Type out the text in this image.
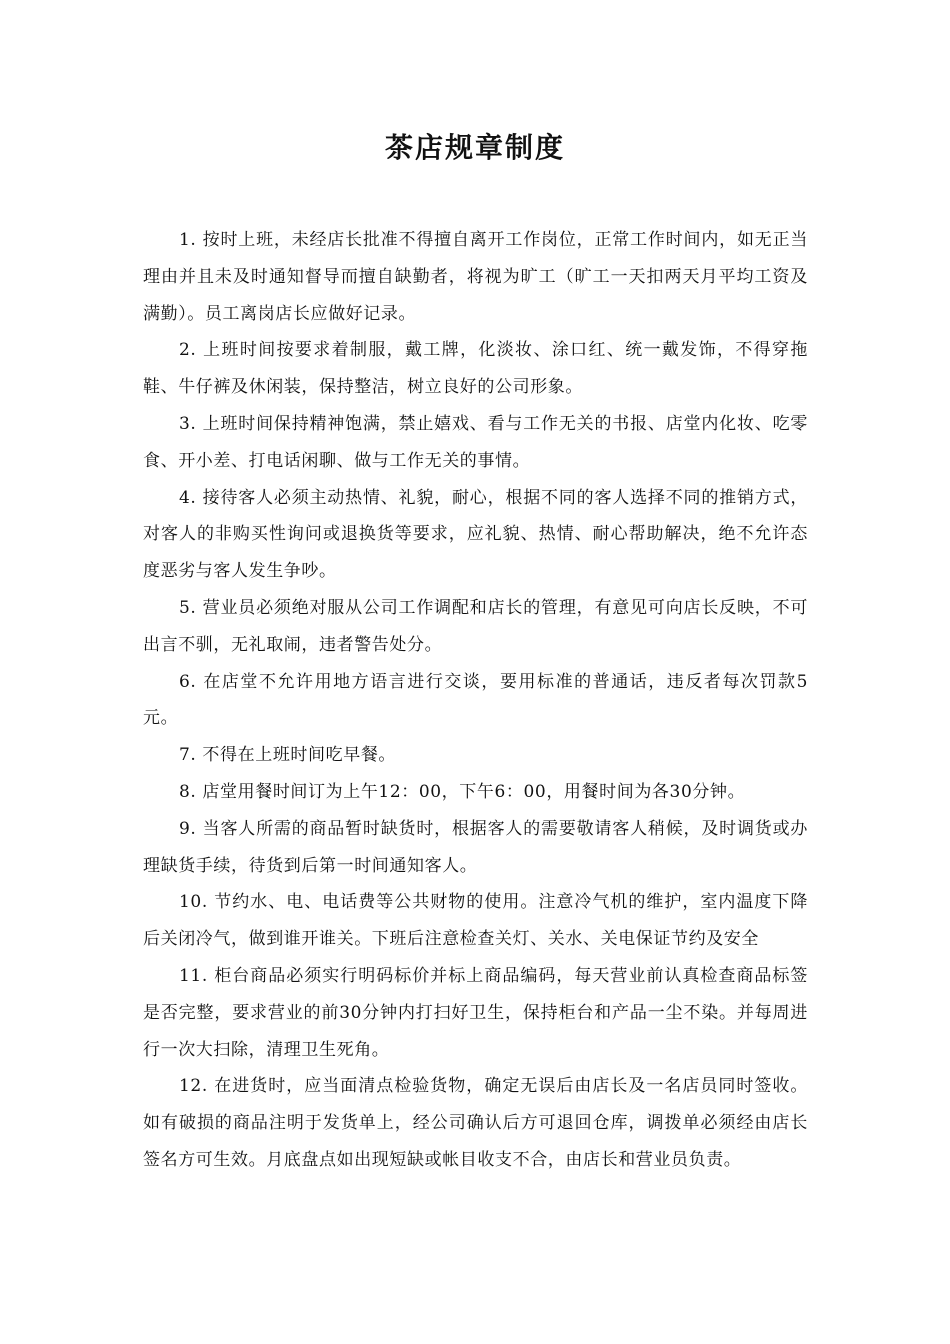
茶店规章制度

1. 按时上班，未经店长批准不得擅自离开工作岗位，正常工作时间内，如无正当理由并且未及时通知督导而擅自缺勤者，将视为旷工（旷工一天扣两天月平均工资及满勤）。员工离岗店长应做好记录。

2. 上班时间按要求着制服，戴工牌，化淡妆、涂口红、统一戴发饰，不得穿拖鞋、牛仔裤及休闲装，保持整洁，树立良好的公司形象。

3. 上班时间保持精神饱满，禁止嬉戏、看与工作无关的书报、店堂内化妆、吃零食、开小差、打电话闲聊、做与工作无关的事情。

4. 接待客人必须主动热情、礼貌，耐心，根据不同的客人选择不同的推销方式，对客人的非购买性询问或退换货等要求，应礼貌、热情、耐心帮助解决，绝不允许态度恶劣与客人发生争吵。

5. 营业员必须绝对服从公司工作调配和店长的管理，有意见可向店长反映，不可出言不驯，无礼取闹，违者警告处分。

6. 在店堂不允许用地方语言进行交谈，要用标准的普通话，违反者每次罚款5元。

7. 不得在上班时间吃早餐。

8. 店堂用餐时间订为上午12：00，下午6：00，用餐时间为各30分钟。

9. 当客人所需的商品暂时缺货时，根据客人的需要敬请客人稍候，及时调货或办理缺货手续，待货到后第一时间通知客人。

10. 节约水、电、电话费等公共财物的使用。注意冷气机的维护，室内温度下降后关闭冷气，做到谁开谁关。下班后注意检查关灯、关水、关电保证节约及安全

11. 柜台商品必须实行明码标价并标上商品编码，每天营业前认真检查商品标签是否完整，要求营业的前30分钟内打扫好卫生，保持柜台和产品一尘不染。并每周进行一次大扫除，清理卫生死角。

12. 在进货时，应当面清点检验货物，确定无误后由店长及一名店员同时签收。如有破损的商品注明于发货单上，经公司确认后方可退回仓库，调拨单必须经由店长签名方可生效。月底盘点如出现短缺或帐目收支不合，由店长和营业员负责。
